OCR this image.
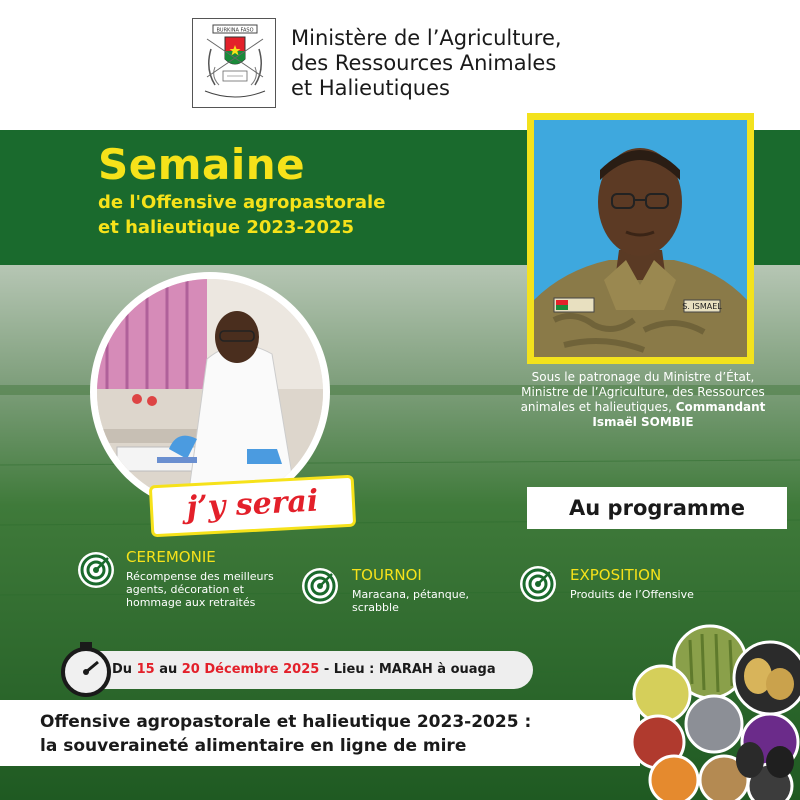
BURKINA FASO Ministère de l’Agriculture,
des Ressources Animales
et Halieutiques
Semaine
de l'Offensive agropastorale
et halieutique 2023-2025
S. ISMAEL
Sous le patronage du Ministre d’État,
Ministre de l’Agriculture, des Ressources
animales et halieutiques, Commandant
Ismaël SOMBIE
j’y serai	Au programme
CEREMONIE
Récompense des meilleurs
agents, décoration et
hommage aux retraités
TOURNOI
Maracana, pétanque,
scrabble
EXPOSITION
Produits de l’Offensive
Du 15 au 20 Décembre 2025 - Lieu : MARAH à ouaga
Offensive agropastorale et halieutique 2023-2025 :
la souveraineté alimentaire en ligne de mire
